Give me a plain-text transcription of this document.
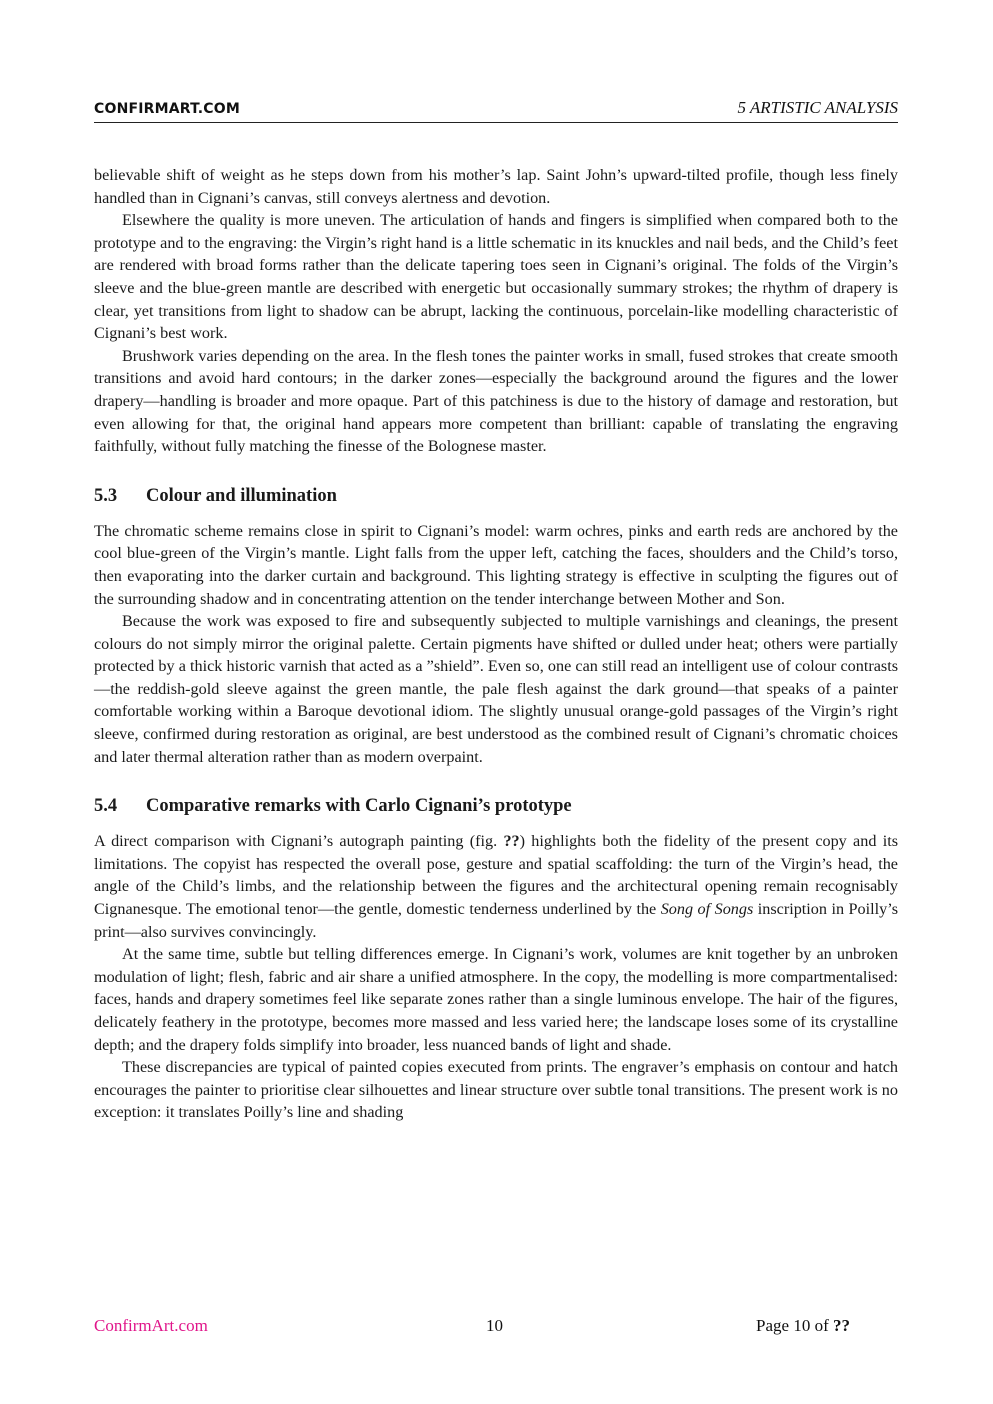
CONFIRMART.COM	5 ARTISTIC ANALYSIS

believable shift of weight as he steps down from his mother’s lap. Saint John’s upward-tilted profile, though less finely handled than in Cignani’s canvas, still conveys alertness and devotion.

Elsewhere the quality is more uneven. The articulation of hands and fingers is simplified when compared both to the prototype and to the engraving: the Virgin’s right hand is a little schematic in its knuckles and nail beds, and the Child’s feet are rendered with broad forms rather than the delicate tapering toes seen in Cignani’s original. The folds of the Virgin’s sleeve and the blue-green mantle are described with energetic but occasionally summary strokes; the rhythm of drapery is clear, yet transitions from light to shadow can be abrupt, lacking the continuous, porcelain-like modelling characteristic of Cignani’s best work.

Brushwork varies depending on the area. In the flesh tones the painter works in small, fused strokes that create smooth transitions and avoid hard contours; in the darker zones—especially the background around the figures and the lower drapery—handling is broader and more opaque. Part of this patchiness is due to the history of damage and restoration, but even allowing for that, the original hand appears more competent than brilliant: capable of translating the engraving faithfully, without fully matching the finesse of the Bolognese master.

5.3 Colour and illumination

The chromatic scheme remains close in spirit to Cignani’s model: warm ochres, pinks and earth reds are anchored by the cool blue-green of the Virgin’s mantle. Light falls from the upper left, catching the faces, shoulders and the Child’s torso, then evaporating into the darker curtain and background. This lighting strategy is effective in sculpting the figures out of the surrounding shadow and in concentrating attention on the tender interchange between Mother and Son.

Because the work was exposed to fire and subsequently subjected to multiple varnishings and cleanings, the present colours do not simply mirror the original palette. Certain pigments have shifted or dulled under heat; others were partially protected by a thick historic varnish that acted as a ”shield”. Even so, one can still read an intelligent use of colour contrasts—the reddish-gold sleeve against the green mantle, the pale flesh against the dark ground—that speaks of a painter comfortable working within a Baroque devotional idiom. The slightly unusual orange-gold passages of the Virgin’s right sleeve, confirmed during restoration as original, are best understood as the combined result of Cignani’s chromatic choices and later thermal alteration rather than as modern overpaint.

5.4 Comparative remarks with Carlo Cignani’s prototype

A direct comparison with Cignani’s autograph painting (fig. ??) highlights both the fidelity of the present copy and its limitations. The copyist has respected the overall pose, gesture and spatial scaffolding: the turn of the Virgin’s head, the angle of the Child’s limbs, and the relationship between the figures and the architectural opening remain recognisably Cignanesque. The emotional tenor—the gentle, domestic tenderness underlined by the Song of Songs inscription in Poilly’s print—also survives convincingly.

At the same time, subtle but telling differences emerge. In Cignani’s work, volumes are knit together by an unbroken modulation of light; flesh, fabric and air share a unified atmosphere. In the copy, the modelling is more compartmentalised: faces, hands and drapery sometimes feel like separate zones rather than a single luminous envelope. The hair of the figures, delicately feathery in the prototype, becomes more massed and less varied here; the landscape loses some of its crystalline depth; and the drapery folds simplify into broader, less nuanced bands of light and shade.

These discrepancies are typical of painted copies executed from prints. The engraver’s emphasis on contour and hatch encourages the painter to prioritise clear silhouettes and linear structure over subtle tonal transitions. The present work is no exception: it translates Poilly’s line and shading

ConfirmArt.com	10	Page 10 of ??
